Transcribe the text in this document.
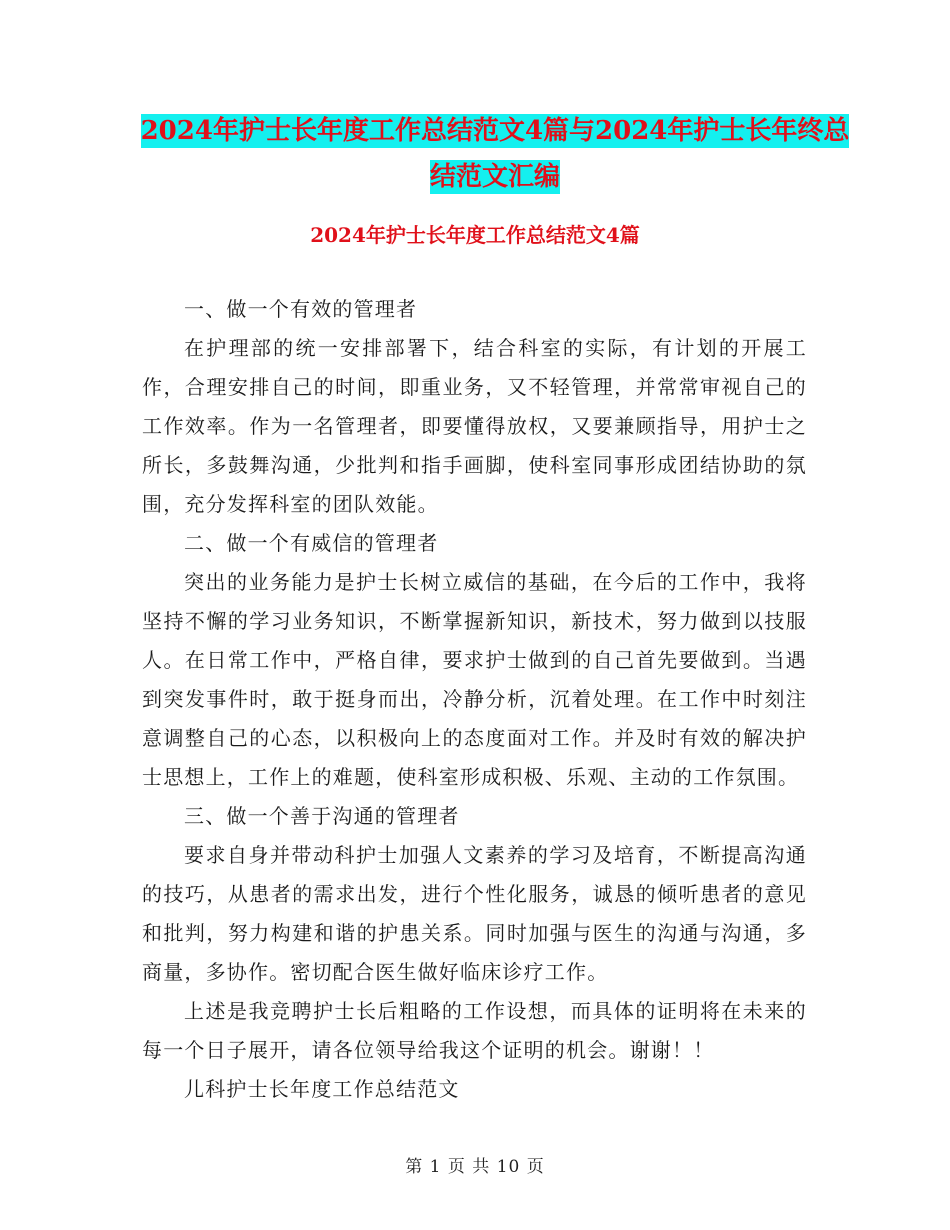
2024年护士长年度工作总结范文4篇与2024年护士长年终总结范文汇编
2024年护士长年度工作总结范文4篇

一、做一个有效的管理者

在护理部的统一安排部署下，结合科室的实际，有计划的开展工作，合理安排自己的时间，即重业务，又不轻管理，并常常审视自己的工作效率。作为一名管理者，即要懂得放权，又要兼顾指导，用护士之所长，多鼓舞沟通，少批判和指手画脚，使科室同事形成团结协助的氛围，充分发挥科室的团队效能。

二、做一个有威信的管理者

突出的业务能力是护士长树立威信的基础，在今后的工作中，我将坚持不懈的学习业务知识，不断掌握新知识，新技术，努力做到以技服人。在日常工作中，严格自律，要求护士做到的自己首先要做到。当遇到突发事件时，敢于挺身而出，冷静分析，沉着处理。在工作中时刻注意调整自己的心态，以积极向上的态度面对工作。并及时有效的解决护士思想上，工作上的难题，使科室形成积极、乐观、主动的工作氛围。

三、做一个善于沟通的管理者

要求自身并带动科护士加强人文素养的学习及培育，不断提高沟通的技巧，从患者的需求出发，进行个性化服务，诚恳的倾听患者的意见和批判，努力构建和谐的护患关系。同时加强与医生的沟通与沟通，多商量，多协作。密切配合医生做好临床诊疗工作。

上述是我竞聘护士长后粗略的工作设想，而具体的证明将在未来的每一个日子展开，请各位领导给我这个证明的机会。谢谢！！

儿科护士长年度工作总结范文

第 1 页 共 10 页
